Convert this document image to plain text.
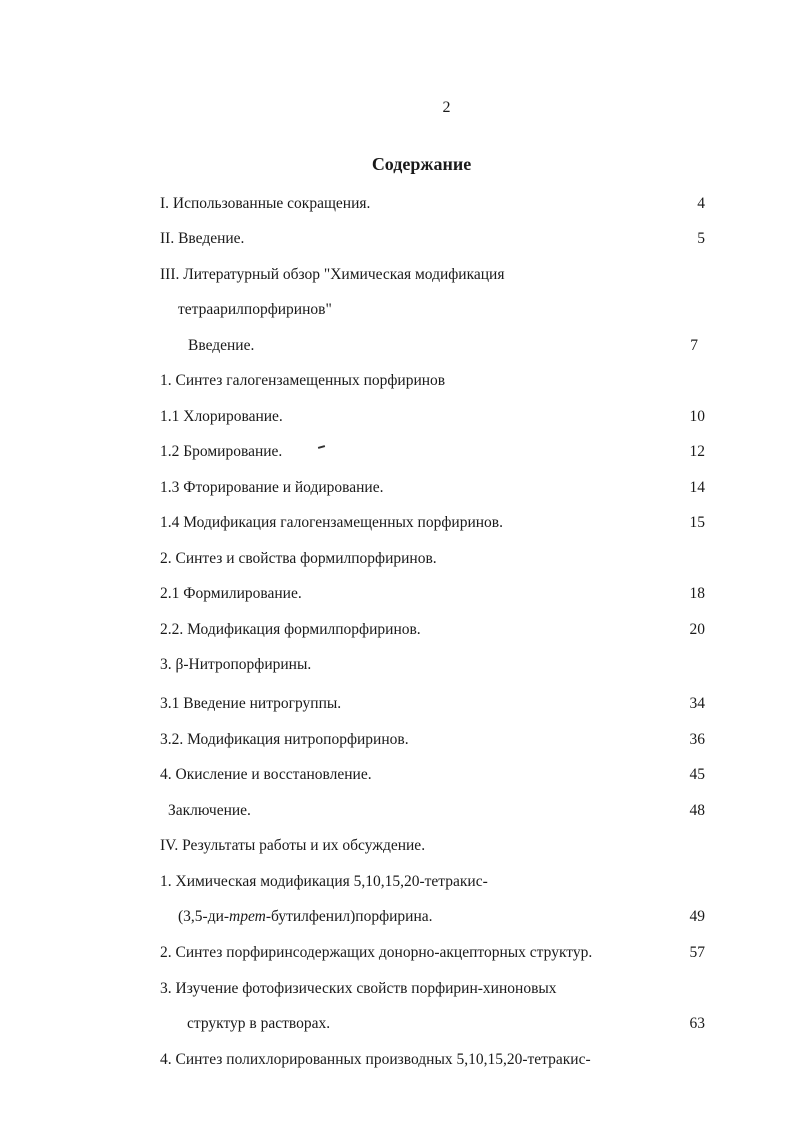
2
Содержание
I. Использованные сокращения.	4
II. Введение.	5
III. Литературный обзор "Химическая модификация
тетраарилпорфиринов"
Введение.	7
1. Синтез галогензамещенных порфиринов
1.1 Хлорирование.	10
1.2 Бромирование.	12
1.3 Фторирование и йодирование.	14
1.4 Модификация галогензамещенных порфиринов.	15
2. Синтез и свойства формилпорфиринов.
2.1 Формилирование.	18
2.2. Модификация формилпорфиринов.	20
3. β-Нитропорфирины.
3.1 Введение нитрогруппы.	34
3.2. Модификация нитропорфиринов.	36
4. Окисление и восстановление.	45
Заключение.	48
IV. Результаты работы и их обсуждение.
1. Химическая модификация 5,10,15,20-тетракис-
(3,5-ди-трет-бутилфенил)порфирина.	49
2. Синтез порфиринсодержащих донорно-акцепторных структур.	57
3. Изучение фотофизических свойств порфирин-хиноновых
структур в растворах.	63
4. Синтез полихлорированных производных 5,10,15,20-тетракис-
